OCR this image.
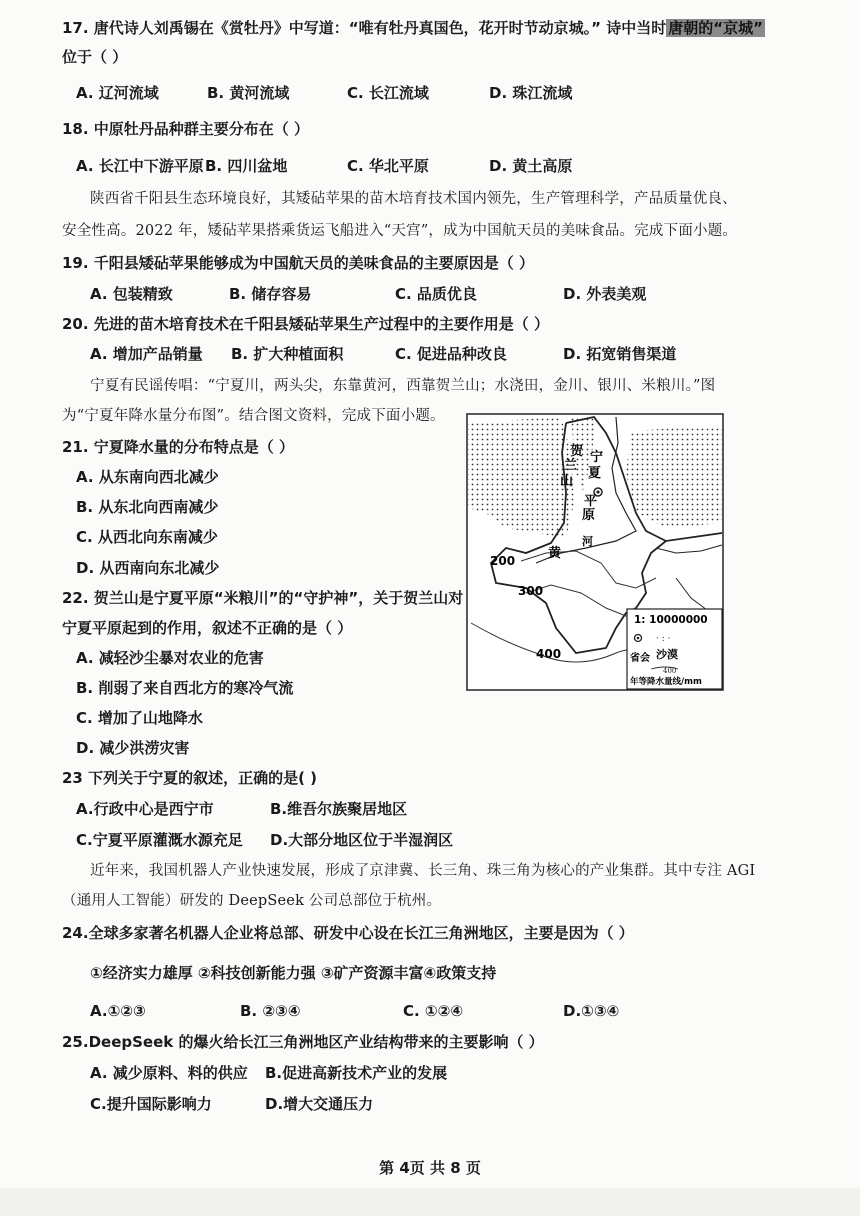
17. 唐代诗人刘禹锡在《赏牡丹》中写道：“唯有牡丹真国色，花开时节动京城。” 诗中当时 唐朝的“京城”
位于（ ）
A. 辽河流域	B. 黄河流域	C. 长江流域	D. 珠江流域
18. 中原牡丹品种群主要分布在（ ）
A. 长江中下游平原 B. 四川盆地	C. 华北平原	D. 黄土高原
陕西省千阳县生态环境良好，其矮砧苹果的苗木培育技术国内领先，生产管理科学，产品质量优良、
安全性高。2022 年，矮砧苹果搭乘货运飞船进入“天宫”，成为中国航天员的美味食品。完成下面小题。
19. 千阳县矮砧苹果能够成为中国航天员的美味食品的主要原因是（ ）
A. 包装精致	B. 储存容易	C. 品质优良	D. 外表美观
20. 先进的苗木培育技术在千阳县矮砧苹果生产过程中的主要作用是（ ）
A. 增加产品销量 B. 扩大种植面积	C. 促进品种改良	D. 拓宽销售渠道
宁夏有民谣传唱：“宁夏川，两头尖，东靠黄河，西靠贺兰山；水浇田，金川、银川、米粮川。”图
为“宁夏年降水量分布图”。结合图文资料，完成下面小题。
21. 宁夏降水量的分布特点是（ ）
A. 从东南向西北减少
B. 从东北向西南减少
C. 从西北向东南减少
D. 从西南向东北减少
22. 贺兰山是宁夏平原“米粮川”的“守护神”，关于贺兰山对
宁夏平原起到的作用，叙述不正确的是（ ）
A. 减轻沙尘暴对农业的危害
B. 削弱了来自西北方的寒冷气流
C. 增加了山地降水
D. 减少洪涝灾害
贺
兰
山
宁
夏
平
原
黄
河
200
300
400
1: 10000000
· : ·
省会 沙漠
400
年等降水量线/mm
23 下列关于宁夏的叙述，正确的是( )
A.行政中心是西宁市	B.维吾尔族聚居地区
C.宁夏平原灌溉水源充足 D.大部分地区位于半湿润区
近年来，我国机器人产业快速发展，形成了京津冀、长三角、珠三角为核心的产业集群。其中专注 AGI
（通用人工智能）研发的 DeepSeek 公司总部位于杭州。
24.全球多家著名机器人企业将总部、研发中心设在长江三角洲地区，主要是因为（ ）
①经济实力雄厚 ②科技创新能力强 ③矿产资源丰富④政策支持
A.①②③	B. ②③④	C. ①②④	D.①③④
25.DeepSeek 的爆火给长江三角洲地区产业结构带来的主要影响（ ）
A. 减少原料、料的供应 B.促进高新技术产业的发展
C.提升国际影响力	D.增大交通压力
第 4页 共 8 页
